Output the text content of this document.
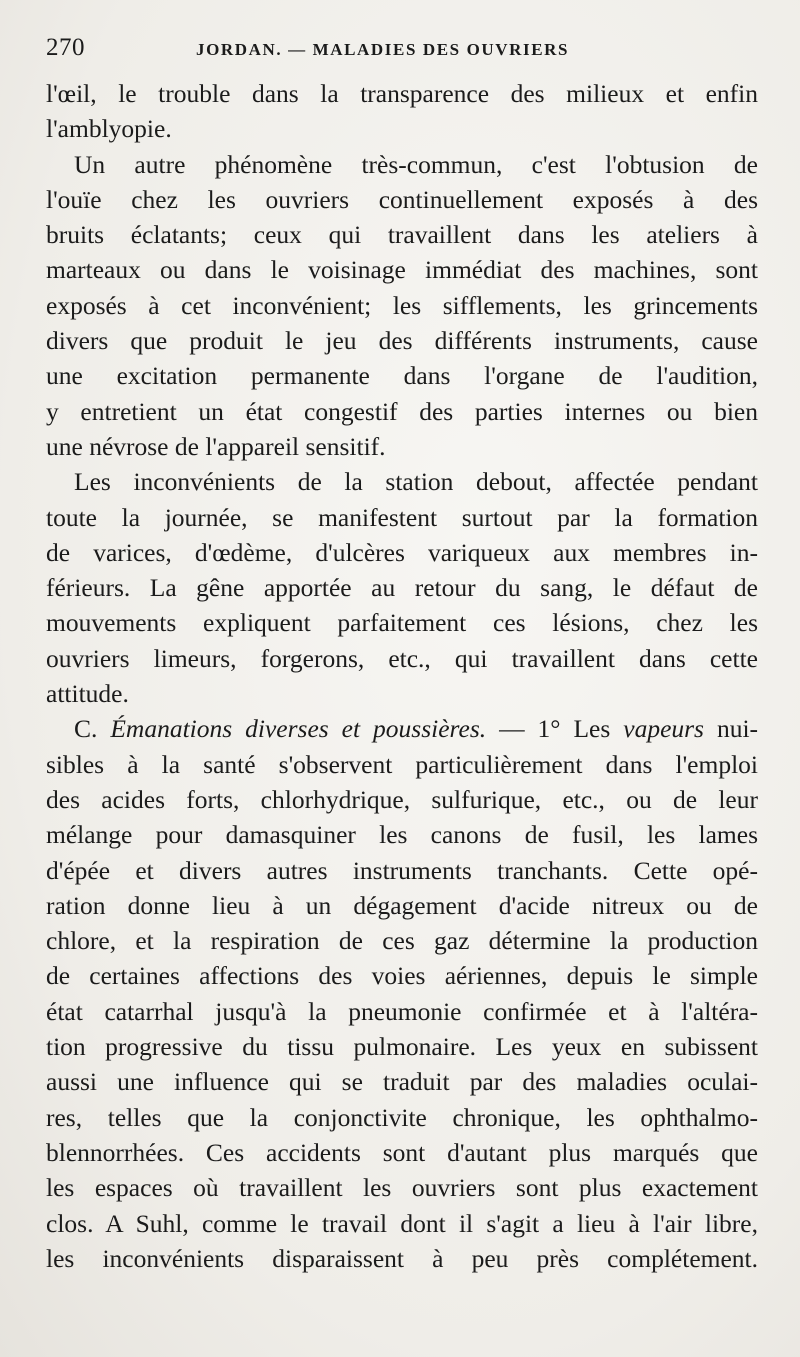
270	JORDAN. — MALADIES DES OUVRIERS
l'œil, le trouble dans la transparence des milieux et enfin
l'amblyopie.
Un autre phénomène très-commun, c'est l'obtusion de
l'ouïe chez les ouvriers continuellement exposés à des
bruits éclatants; ceux qui travaillent dans les ateliers à
marteaux ou dans le voisinage immédiat des machines, sont
exposés à cet inconvénient; les sifflements, les grincements
divers que produit le jeu des différents instruments, cause
une excitation permanente dans l'organe de l'audition,
y entretient un état congestif des parties internes ou bien
une névrose de l'appareil sensitif.
Les inconvénients de la station debout, affectée pendant
toute la journée, se manifestent surtout par la formation
de varices, d'œdème, d'ulcères variqueux aux membres in-
férieurs. La gêne apportée au retour du sang, le défaut de
mouvements expliquent parfaitement ces lésions, chez les
ouvriers limeurs, forgerons, etc., qui travaillent dans cette
attitude.
C. Émanations diverses et poussières. — 1° Les vapeurs nui-
sibles à la santé s'observent particulièrement dans l'emploi
des acides forts, chlorhydrique, sulfurique, etc., ou de leur
mélange pour damasquiner les canons de fusil, les lames
d'épée et divers autres instruments tranchants. Cette opé-
ration donne lieu à un dégagement d'acide nitreux ou de
chlore, et la respiration de ces gaz détermine la production
de certaines affections des voies aériennes, depuis le simple
état catarrhal jusqu'à la pneumonie confirmée et à l'altéra-
tion progressive du tissu pulmonaire. Les yeux en subissent
aussi une influence qui se traduit par des maladies oculai-
res, telles que la conjonctivite chronique, les ophthalmo-
blennorrhées. Ces accidents sont d'autant plus marqués que
les espaces où travaillent les ouvriers sont plus exactement
clos. A Suhl, comme le travail dont il s'agit a lieu à l'air libre,
les inconvénients disparaissent à peu près complétement.
